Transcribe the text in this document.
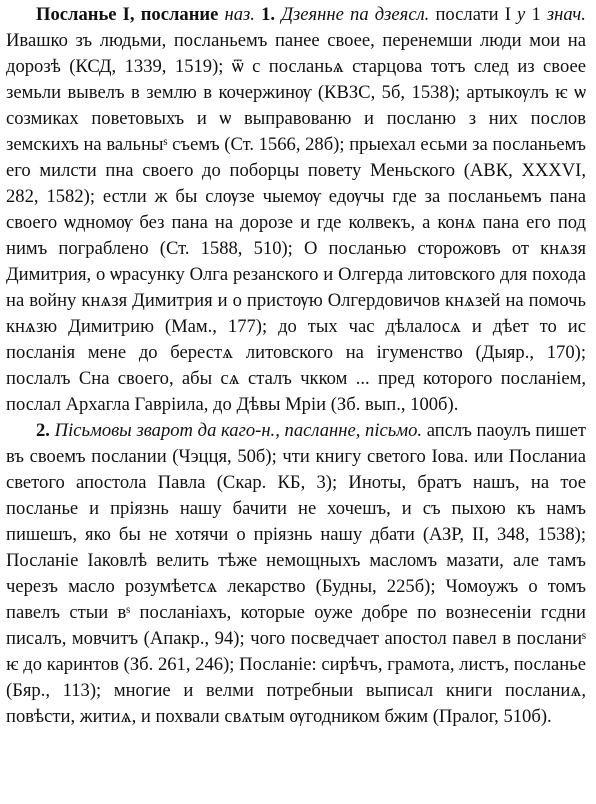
Посланье І, послание наз. 1. Дзеянне па дзеясл. послати І у 1 знач. Ивашко зъ людьми, посланьемъ панее своее, перенемши люди мои на дорозѣ (КСД, 1339, 1519); ѿ с посланьѧ старцова тотъ след из своее земьли вывелъ в землю в кочержинѹ (КВЗС, 5б, 1538); артыкѹлъ ѥ ѡ созмиках поветовыхъ и ѡ выправованю и посланю з них послов земскихъ на вальныˢ съемъ (Ст. 1566, 28б); прыехал есьми за посланьемъ его милсти пна своего до поборцы повету Меньского (АВК, XXXVI, 282, 1582); естли ж бы слѹзе чыемѹ едѹчы где за посланьемъ пана своего ѡдномѹ без пана на дорозе и где колвекъ, а конѧ пана его под нимъ пограблено (Ст. 1588, 510); О посланью сторожовъ от кнѧзя Димитрия, о ѡрасунку Олга резанского и Олгерда литовского для похода на войну кнѧзя Димитрия и о пристѹю Олгердовичов кнѧзей на помочь кнѧзю Димитрию (Мам., 177); до тых час дѣлалосѧ и дѣет то ис посланія мене до берестѧ литовского на ігуменство (Дыяр., 170); послалъ Сна своего, абы сѧ сталъ чкком ... пред которого посланіем, послал Архагла Гавріила, до Дѣвы Мріи (Зб. вып., 100б).

2. Пісьмовы зварот да каго-н., пасланне, пісьмо. апслъ паоулъ пишет въ своемъ послании (Чэцця, 50б); чти книгу светого Іова. или Посланиа светого апостола Павла (Скар. КБ, 3); Иноты, братъ нашъ, на тое посланье и пріязнь нашу бачити не хочешъ, и съ пыхою къ намъ пишешъ, яко бы не хотячи о пріязнь нашу дбати (АЗР, II, 348, 1538); Посланіе Іаковлѣ велить тѣже немощныхъ масломъ мазати, але тамъ черезъ масло розумѣетсѧ лекарство (Будны, 225б); Чомоужъ о томъ павелъ стыи вˢ посланіахъ, которые оуже добре по вознесеніи гсдни писалъ, мовчитъ (Апакр., 94); чого посведчает апостол павел в посланиˢ ѥ до каринтов (Зб. 261, 246); Посланіе: сирѣчъ, грамота, листъ, посланье (Бяр., 113); многие и велми потребныи выписал книги посланиѧ, повѣсти, житиѧ, и похвали свѧтым ѹгодником бжим (Пралог, 510б).
